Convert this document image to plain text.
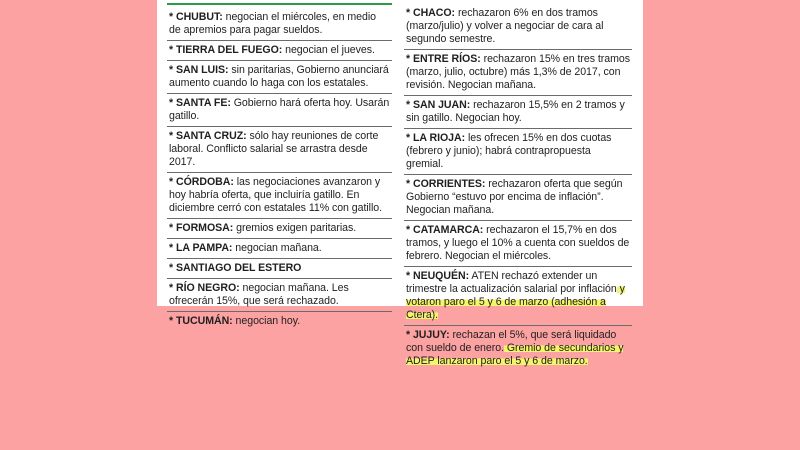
* CHUBUT: negocian el miércoles, en medio de apremios para pagar sueldos.
* TIERRA DEL FUEGO: negocian el jueves.
* SAN LUIS: sin paritarias, Gobierno anunciará aumento cuando lo haga con los estatales.
* SANTA FE: Gobierno hará oferta hoy. Usarán gatillo.
* SANTA CRUZ: sólo hay reuniones de corte laboral. Conflicto salarial se arrastra desde 2017.
* CÓRDOBA: las negociaciones avanzaron y hoy habría oferta, que incluiría gatillo. En diciembre cerró con estatales 11% con gatillo.
* FORMOSA: gremios exigen paritarias.
* LA PAMPA: negocian mañana.
* SANTIAGO DEL ESTERO
* RÍO NEGRO: negocian mañana. Les ofrecerán 15%, que será rechazado.
* TUCUMÁN: negocian hoy.
* CHACO: rechazaron 6% en dos tramos (marzo/julio) y volver a negociar de cara al segundo semestre.
* ENTRE RÍOS: rechazaron 15% en tres tramos (marzo, julio, octubre) más 1,3% de 2017, con revisión. Negocian mañana.
* SAN JUAN: rechazaron 15,5% en 2 tramos y sin gatillo. Negocian hoy.
* LA RIOJA: les ofrecen 15% en dos cuotas (febrero y junio); habrá contrapropuesta gremial.
* CORRIENTES: rechazaron oferta que según Gobierno “estuvo por encima de inflación”. Negocian mañana.
* CATAMARCA: rechazaron el 15,7% en dos tramos, y luego el 10% a cuenta con sueldos de febrero. Negocian el miércoles.
* NEUQUÉN: ATEN rechazó extender un trimestre la actualización salarial por inflación y votaron paro el 5 y 6 de marzo (adhesión a Ctera).
* JUJUY: rechazan el 5%, que será liquidado con sueldo de enero. Gremio de secundarios y ADEP lanzaron paro el 5 y 6 de marzo.
